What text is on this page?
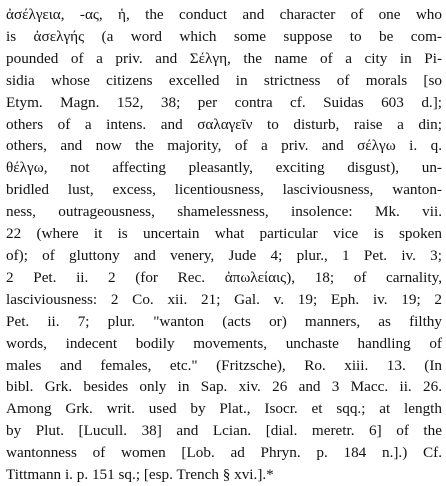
ἀσέλγεια, -ας, ἡ, the conduct and character of one who
is ἀσελγής (a word which some suppose to be com-
pounded of a priv. and Σέλγη, the name of a city in Pi-
sidia whose citizens excelled in strictness of morals [so
Etym. Magn. 152, 38; per contra cf. Suidas 603 d.];
others of a intens. and σαλαγεῖν to disturb, raise a din;
others, and now the majority, of a priv. and σέλγω i. q.
θέλγω, not affecting pleasantly, exciting disgust), un-
bridled lust, excess, licentiousness, lasciviousness, wanton-
ness, outrageousness, shamelessness, insolence: Mk. vii.
22 (where it is uncertain what particular vice is spoken
of); of gluttony and venery, Jude 4; plur., 1 Pet. iv. 3;
2 Pet. ii. 2 (for Rec. ἀπωλείαις), 18; of carnality,
lasciviousness: 2 Co. xii. 21; Gal. v. 19; Eph. iv. 19; 2
Pet. ii. 7; plur. "wanton (acts or) manners, as filthy
words, indecent bodily movements, unchaste handling of
males and females, etc." (Fritzsche), Ro. xiii. 13. (In
bibl. Grk. besides only in Sap. xiv. 26 and 3 Macc. ii. 26.
Among Grk. writ. used by Plat., Isocr. et sqq.; at length
by Plut. [Lucull. 38] and Lcian. [dial. meretr. 6] of the
wantonness of women [Lob. ad Phryn. p. 184 n.].) Cf.
Tittmann i. p. 151 sq.; [esp. Trench § xvi.].*
